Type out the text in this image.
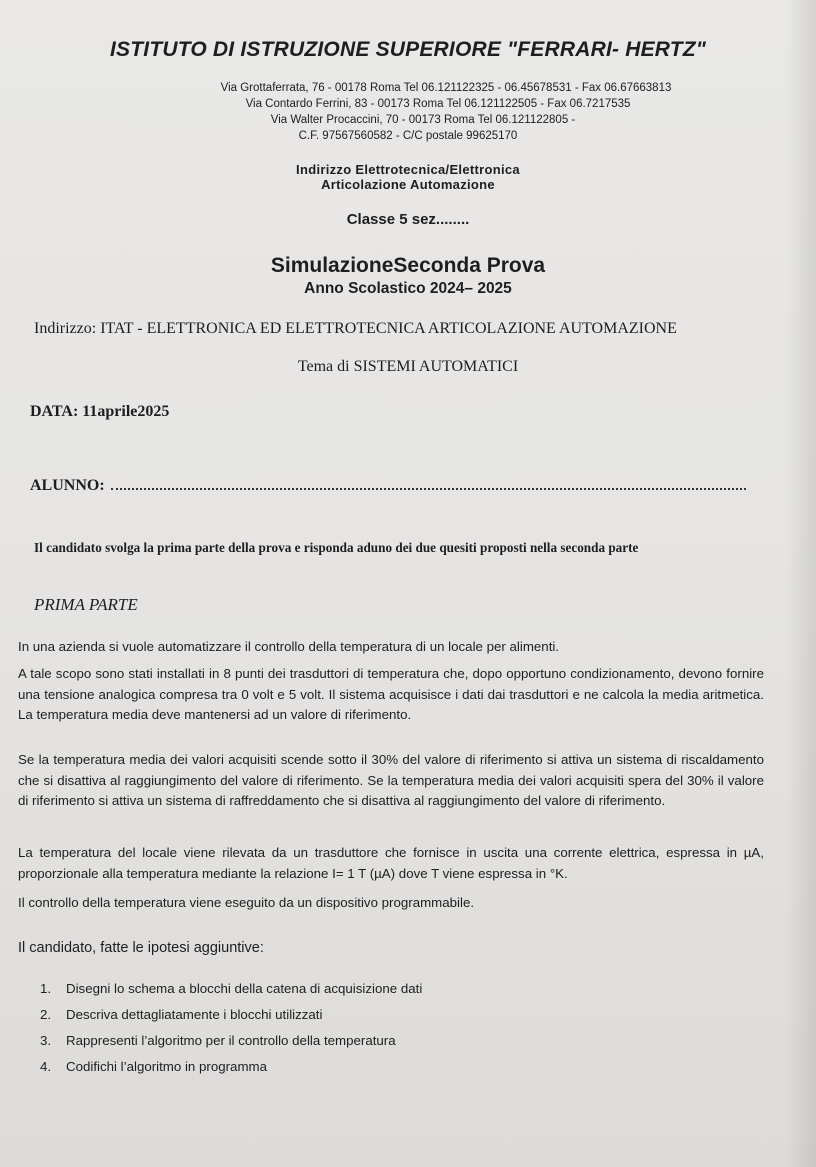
ISTITUTO DI ISTRUZIONE SUPERIORE "FERRARI- HERTZ"
Via Grottaferrata, 76 - 00178 Roma Tel 06.121122325 - 06.45678531 - Fax 06.67663813
Via Contardo Ferrini, 83 - 00173 Roma Tel 06.121122505 - Fax 06.7217535
Via Walter Procaccini, 70 - 00173 Roma Tel 06.121122805 -
C.F. 97567560582 - C/C postale 99625170
Indirizzo Elettrotecnica/Elettronica
Articolazione Automazione
Classe 5 sez........
SimulazioneSeconda Prova
Anno Scolastico 2024– 2025
Indirizzo: ITAT - ELETTRONICA ED ELETTROTECNICA ARTICOLAZIONE AUTOMAZIONE
Tema di SISTEMI AUTOMATICI
DATA: 11aprile2025
ALUNNO:
Il candidato svolga la prima parte della prova e risponda aduno dei due quesiti proposti nella seconda parte
PRIMA PARTE
In una azienda si vuole automatizzare il controllo della temperatura di un locale per alimenti.
A tale scopo sono stati installati in 8 punti dei trasduttori di temperatura che, dopo opportuno condizionamento, devono fornire una tensione analogica compresa tra 0 volt e 5 volt. Il sistema acquisisce i dati dai trasduttori e ne calcola la media aritmetica. La temperatura media deve mantenersi ad un valore di riferimento.
Se la temperatura media dei valori acquisiti scende sotto il 30% del valore di riferimento si attiva un sistema di riscaldamento che si disattiva al raggiungimento del valore di riferimento. Se la temperatura media dei valori acquisiti spera del 30% il valore di riferimento si attiva un sistema di raffreddamento che si disattiva al raggiungimento del valore di riferimento.
La temperatura del locale viene rilevata da un trasduttore che fornisce in uscita una corrente elettrica, espressa in µA, proporzionale alla temperatura mediante la relazione I= 1 T (µA) dove T viene espressa in °K.
Il controllo della temperatura viene eseguito da un dispositivo programmabile.
Il candidato, fatte le ipotesi aggiuntive:
1.	Disegni lo schema a blocchi della catena di acquisizione dati
2.	Descriva dettagliatamente i blocchi utilizzati
3.	Rappresenti l’algoritmo per il controllo della temperatura
4.	Codifichi l’algoritmo in programma
